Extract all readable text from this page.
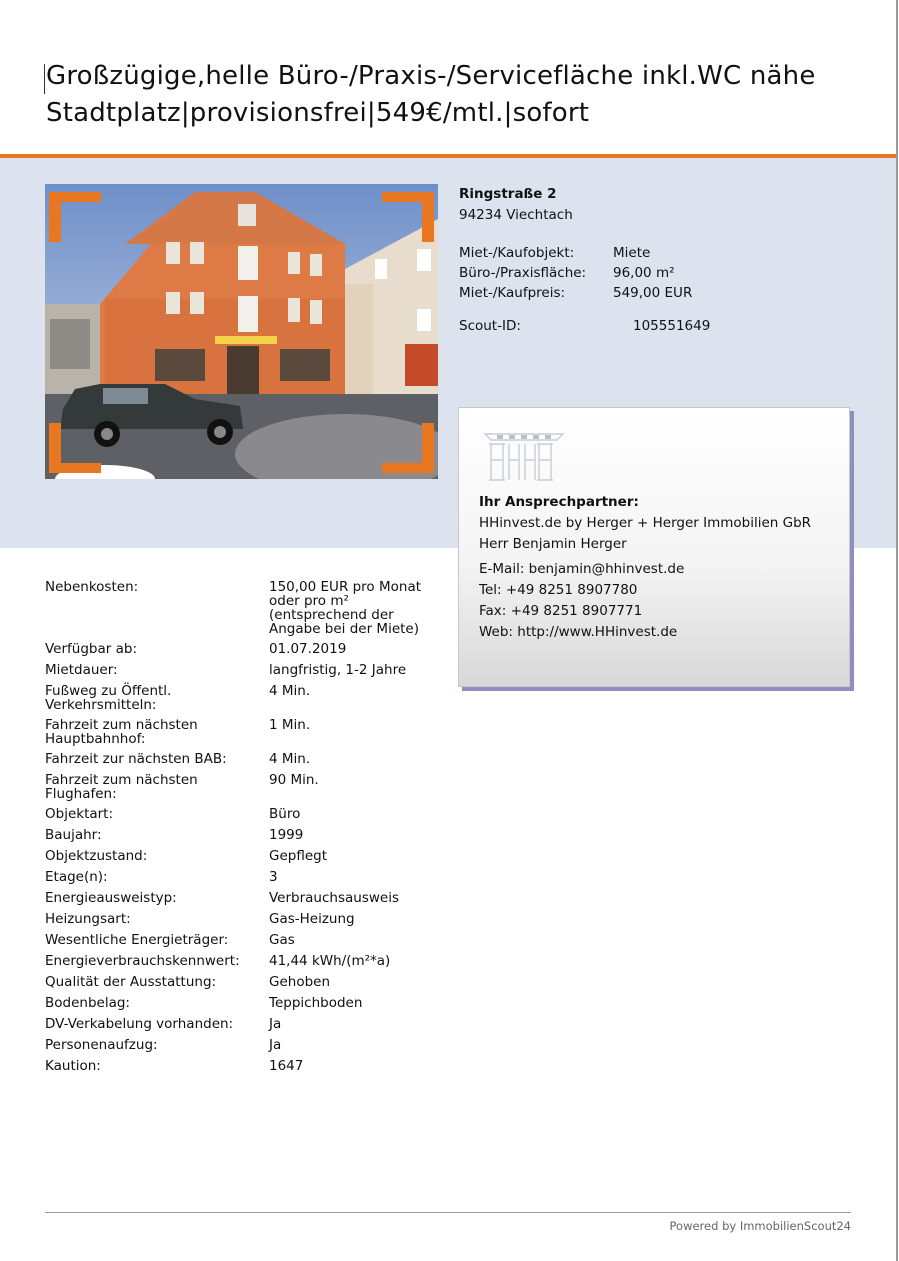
Großzügige,helle Büro-/Praxis-/Servicefläche inkl.WC nähe Stadtplatz|provisionsfrei|549€/mtl.|sofort
Ringstraße 2
94234 Viechtach
Miet-/Kaufobjekt:	Miete
Büro-/Praxisfläche:	96,00 m²
Miet-/Kaufpreis:	549,00 EUR
Scout-ID:	105551649
Ihr Ansprechpartner:
HHinvest.de by Herger + Herger Immobilien GbR
Herr Benjamin Herger
E-Mail: benjamin@hhinvest.de
Tel: +49 8251 8907780
Fax: +49 8251 8907771
Web: http://www.HHinvest.de
Nebenkosten:	150,00 EUR pro Monat oder pro m² (entsprechend der Angabe bei der Miete)
Verfügbar ab:	01.07.2019
Mietdauer:	langfristig, 1-2 Jahre
Fußweg zu Öffentl. Verkehrsmitteln:
4 Min.
Fahrzeit zum nächsten Hauptbahnhof:
1 Min.
Fahrzeit zur nächsten BAB:	4 Min.
Fahrzeit zum nächsten Flughafen:
90 Min.
Objektart:	Büro
Baujahr:	1999
Objektzustand:	Gepflegt
Etage(n):	3
Energieausweistyp:	Verbrauchsausweis
Heizungsart:	Gas-Heizung
Wesentliche Energieträger:	Gas
Energieverbrauchskennwert:	41,44 kWh/(m²*a)
Qualität der Ausstattung:	Gehoben
Bodenbelag:	Teppichboden
DV-Verkabelung vorhanden:	Ja
Personenaufzug:	Ja
Kaution:	1647
Powered by ImmobilienScout24
